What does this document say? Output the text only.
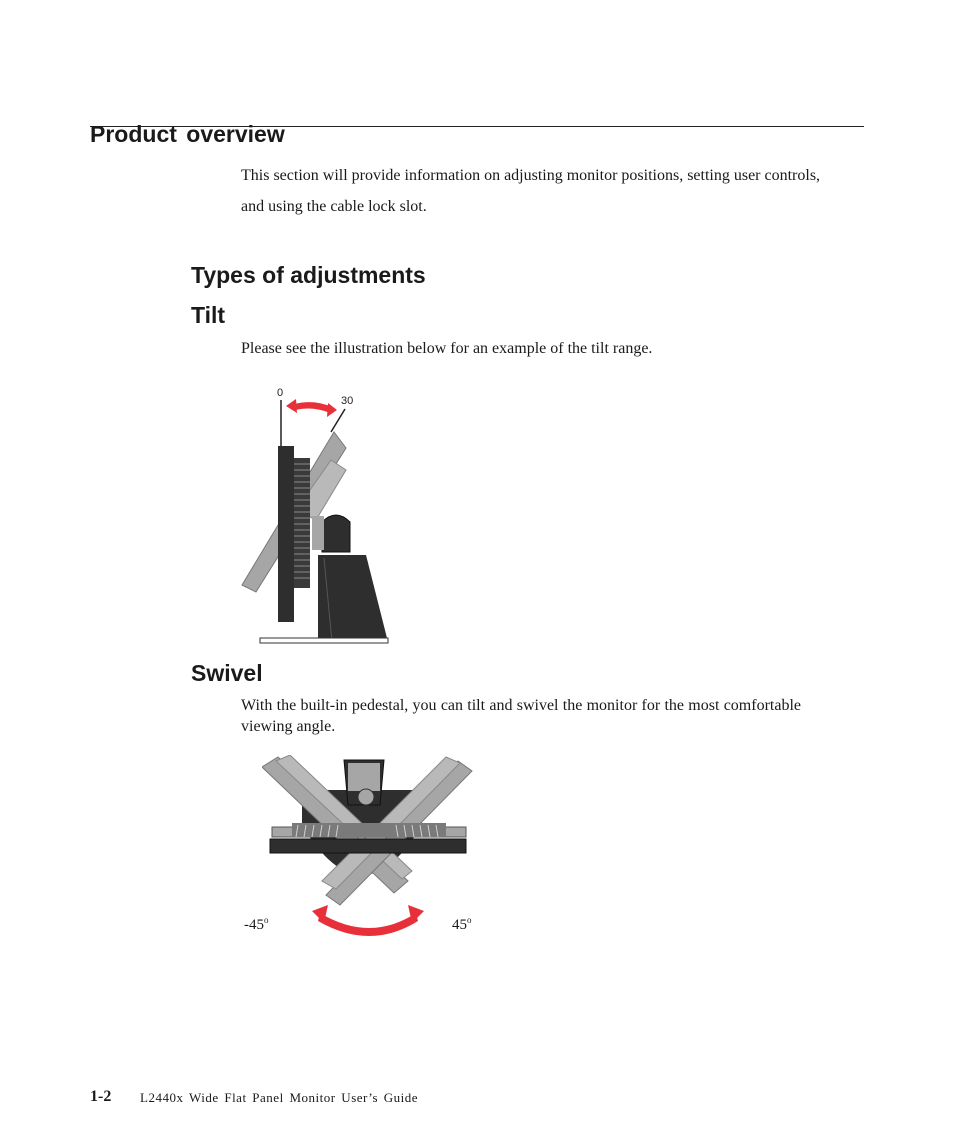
Product overview

This section will provide information on adjusting monitor positions, setting user controls, and using the cable lock slot.

Types of adjustments
Tilt

Please see the illustration below for an example of the tilt range.

0
30
Swivel

With the built-in pedestal, you can tilt and swivel the monitor for the most comfortable viewing angle.

-45$^o$	45$^o$
1-2 L2440x Wide Flat Panel Monitor User’s Guide
